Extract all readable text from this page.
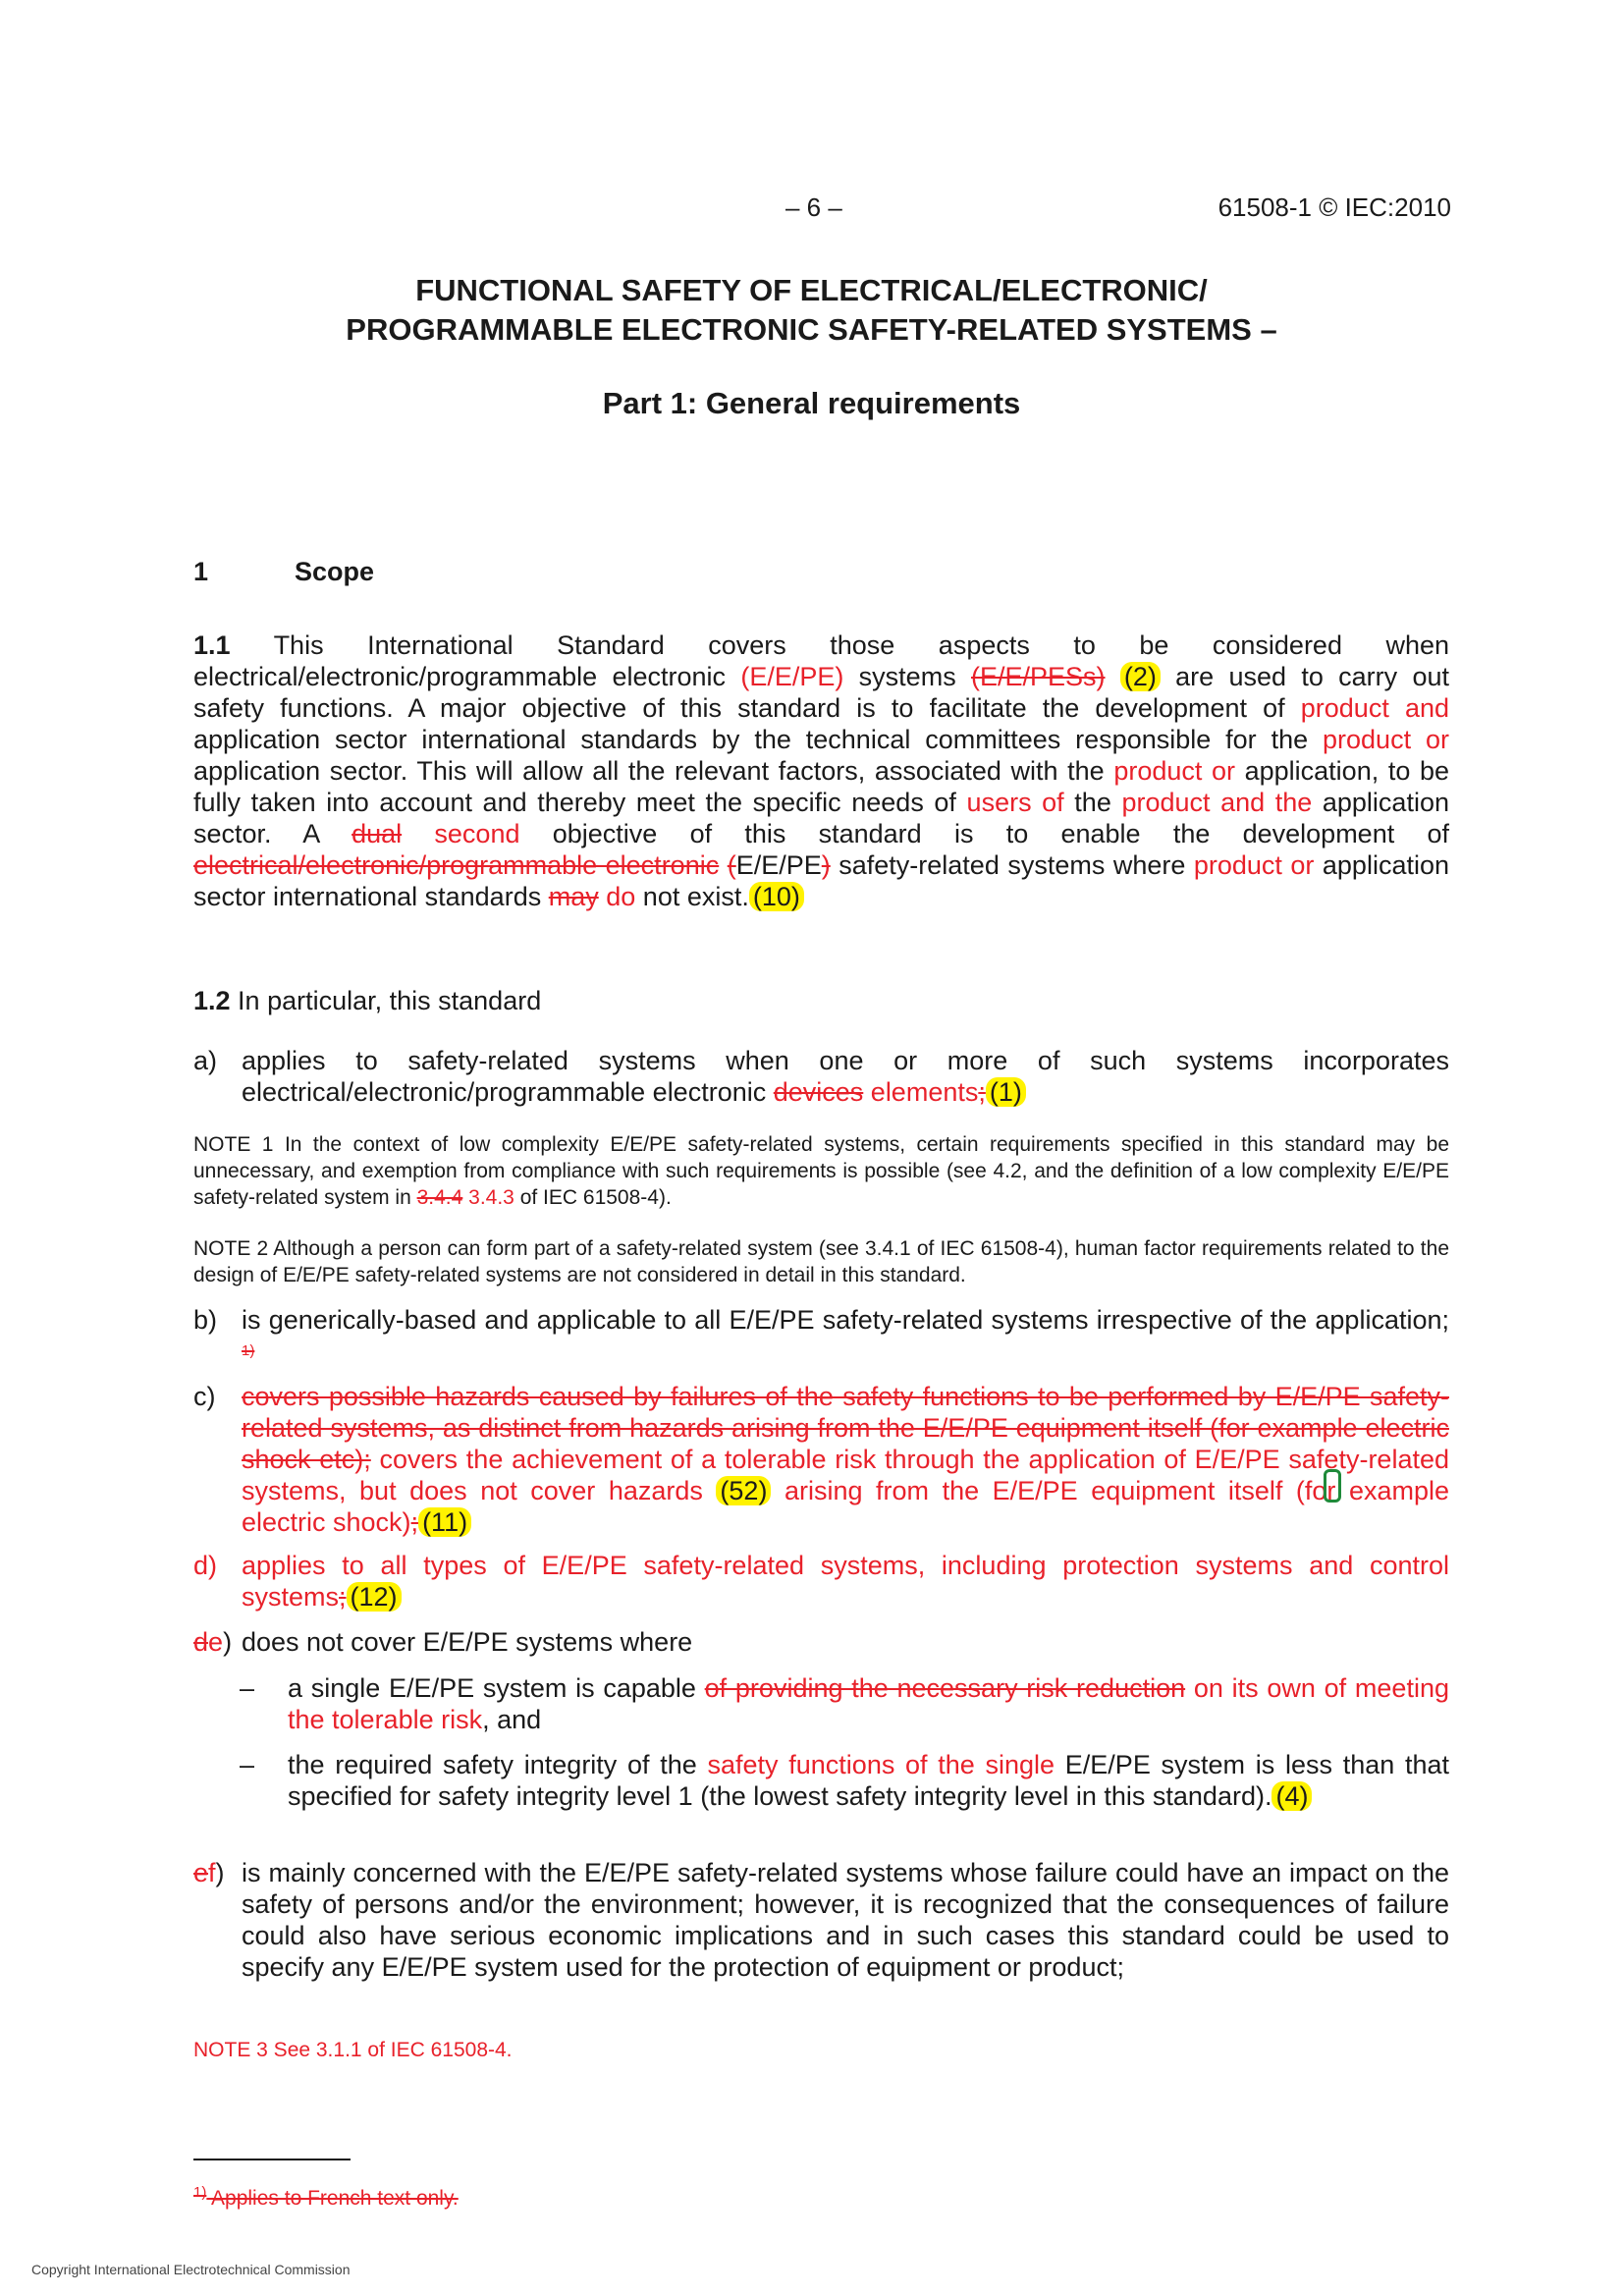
– 6 –	61508-1 © IEC:2010
FUNCTIONAL SAFETY OF ELECTRICAL/ELECTRONIC/
PROGRAMMABLE ELECTRONIC SAFETY-RELATED SYSTEMS –
Part 1: General requirements
1	Scope
1.1 This International Standard covers those aspects to be considered when electrical/electronic/programmable electronic (E/E/PE) systems (E/E/PESs) (2) are used to carry out safety functions. A major objective of this standard is to facilitate the development of product and application sector international standards by the technical committees responsible for the product or application sector. This will allow all the relevant factors, associated with the product or application, to be fully taken into account and thereby meet the specific needs of users of the product and the application sector. A dual second objective of this standard is to enable the development of electrical/electronic/programmable electronic (E/E/PE) safety-related systems where product or application sector international standards may do not exist. (10)
1.2 In particular, this standard
a) applies to safety-related systems when one or more of such systems incorporates electrical/electronic/programmable electronic devices elements; (1)
NOTE 1 In the context of low complexity E/E/PE safety-related systems, certain requirements specified in this standard may be unnecessary, and exemption from compliance with such requirements is possible (see 4.2, and the definition of a low complexity E/E/PE safety-related system in 3.4.4 3.4.3 of IEC 61508-4).
NOTE 2 Although a person can form part of a safety-related system (see 3.4.1 of IEC 61508-4), human factor requirements related to the design of E/E/PE safety-related systems are not considered in detail in this standard.
b) is generically-based and applicable to all E/E/PE safety-related systems irrespective of the application; $^{1)}$
c) covers possible hazards caused by failures of the safety functions to be performed by E/E/PE safety-related systems, as distinct from hazards arising from the E/E/PE equipment itself (for example electric shock etc); covers the achievement of a tolerable risk through the application of E/E/PE safety-related systems, but does not cover hazards (52) arising from the E/E/PE equipment itself (for example electric shock); (11)
d) applies to all types of E/E/PE safety-related systems, including protection systems and control systems; (12)
de) does not cover E/E/PE systems where
– a single E/E/PE system is capable of providing the necessary risk reduction on its own of meeting the tolerable risk, and
– the required safety integrity of the safety functions of the single E/E/PE system is less than that specified for safety integrity level 1 (the lowest safety integrity level in this standard). (4)
ef) is mainly concerned with the E/E/PE safety-related systems whose failure could have an impact on the safety of persons and/or the environment; however, it is recognized that the consequences of failure could also have serious economic implications and in such cases this standard could be used to specify any E/E/PE system used for the protection of equipment or product;
NOTE 3 See 3.1.1 of IEC 61508-4.
$^{1)}$ Applies to French text only.
Copyright International Electrotechnical Commission
